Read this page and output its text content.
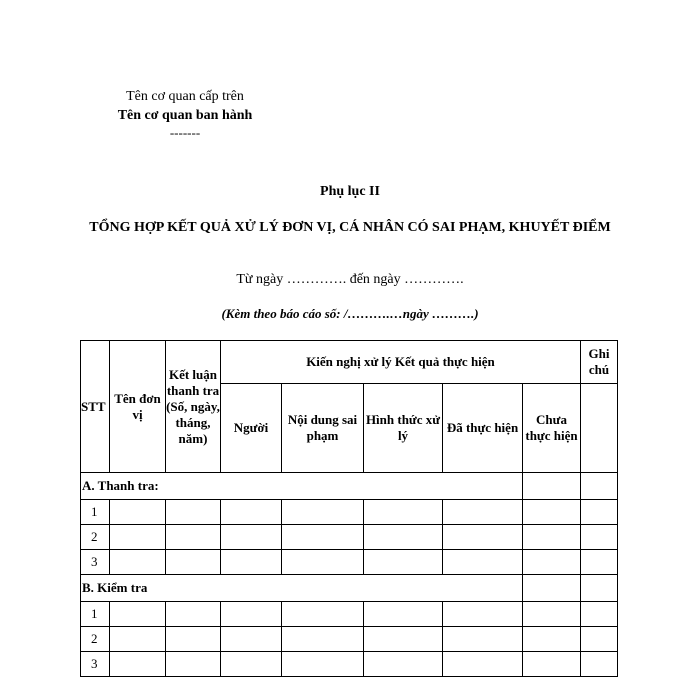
Tên cơ quan cấp trên
Tên cơ quan ban hành
-------
Phụ lục II
TỔNG HỢP KẾT QUẢ XỬ LÝ ĐƠN VỊ, CÁ NHÂN CÓ SAI PHẠM, KHUYẾT ĐIỂM
Từ ngày …………. đến ngày ………….
(Kèm theo báo cáo số: /……….…ngày ……….)
STT	Tên đơn vị	Kết luận thanh tra (Số, ngày, tháng, năm)	Kiến nghị xử lý Kết quả thực hiện					Ghi chú
			Người	Nội dung sai phạm	Hình thức xử lý	Đã thực hiện	Chưa thực hiện	
A. Thanh tra:								
1								
2								
3								
B. Kiểm tra								
1								
2								
3								
